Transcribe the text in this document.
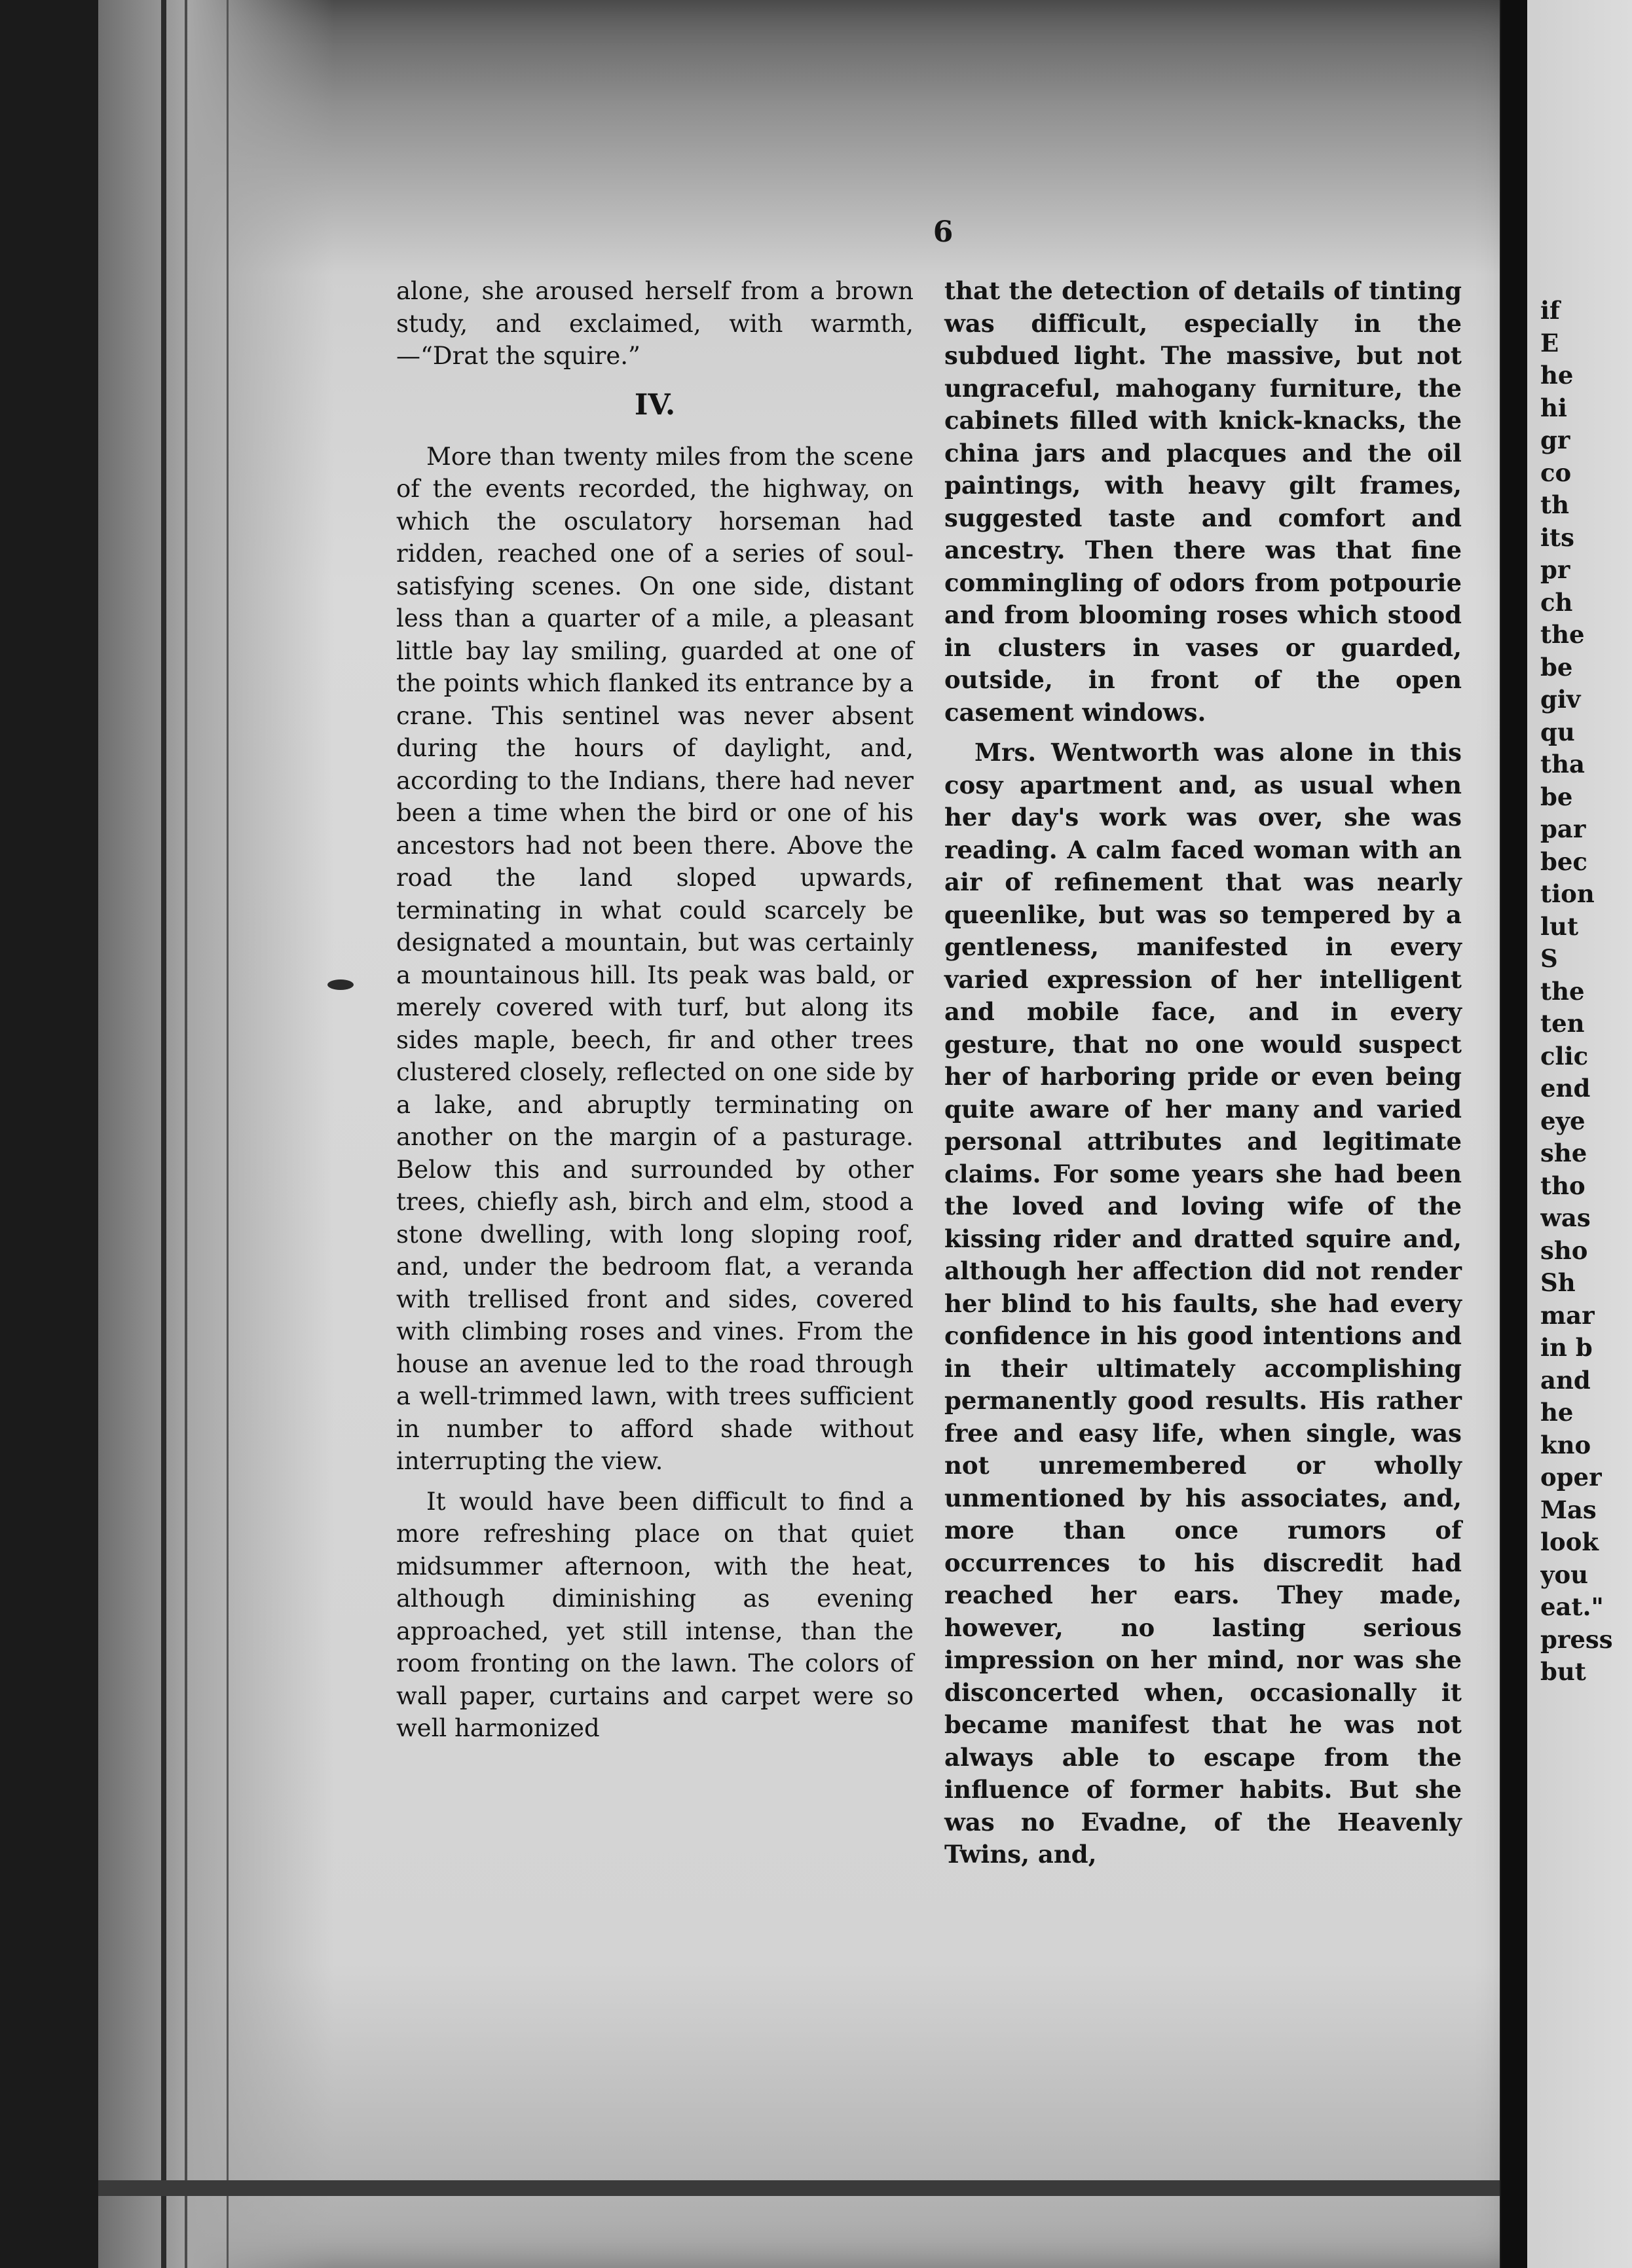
6

alone, she aroused herself from a brown study, and exclaimed, with warmth,—“Drat the squire.”

IV.

More than twenty miles from the scene of the events recorded, the highway, on which the osculatory horseman had ridden, reached one of a series of soul-satisfying scenes. On one side, distant less than a quarter of a mile, a pleasant little bay lay smiling, guarded at one of the points which flanked its entrance by a crane. This sentinel was never absent during the hours of daylight, and, according to the Indians, there had never been a time when the bird or one of his ancestors had not been there. Above the road the land sloped upwards, terminating in what could scarcely be designated a mountain, but was certainly a mountainous hill. Its peak was bald, or merely covered with turf, but along its sides maple, beech, fir and other trees clustered closely, reflected on one side by a lake, and abruptly terminating on another on the margin of a pasturage. Below this and surrounded by other trees, chiefly ash, birch and elm, stood a stone dwelling, with long sloping roof, and, under the bedroom flat, a veranda with trellised front and sides, covered with climbing roses and vines. From the house an avenue led to the road through a well-trimmed lawn, with trees sufficient in number to afford shade without interrupting the view.

It would have been difficult to find a more refreshing place on that quiet midsummer afternoon, with the heat, although diminishing as evening approached, yet still intense, than the room fronting on the lawn. The colors of wall paper, curtains and carpet were so well harmonized

that the detection of details of tinting was difficult, especially in the subdued light. The massive, but not ungraceful, mahogany furniture, the cabinets filled with knick-knacks, the china jars and placques and the oil paintings, with heavy gilt frames, suggested taste and comfort and ancestry. Then there was that fine commingling of odors from potpourie and from blooming roses which stood in clusters in vases or guarded, outside, in front of the open casement windows.

Mrs. Wentworth was alone in this cosy apartment and, as usual when her day's work was over, she was reading. A calm faced woman with an air of refinement that was nearly queenlike, but was so tempered by a gentleness, manifested in every varied expression of her intelligent and mobile face, and in every gesture, that no one would suspect her of harboring pride or even being quite aware of her many and varied personal attributes and legitimate claims. For some years she had been the loved and loving wife of the kissing rider and dratted squire and, although her affection did not render her blind to his faults, she had every confidence in his good intentions and in their ultimately accomplishing permanently good results. His rather free and easy life, when single, was not unremembered or wholly unmentioned by his associates, and, more than once rumors of occurrences to his discredit had reached her ears. They made, however, no lasting serious impression on her mind, nor was she disconcerted when, occasionally it became manifest that he was not always able to escape from the influence of former habits. But she was no Evadne, of the Heavenly Twins, and,

if
E
he
hi
gr
co
th
its
pr
ch
the
be
giv
qu
tha
be
par
bec
tion
lut
S
the
ten
clic
end
eye
she
tho
was
sho
Sh
mar
in b
and
he
kno
oper
Mas
look
you
eat."
press
but
